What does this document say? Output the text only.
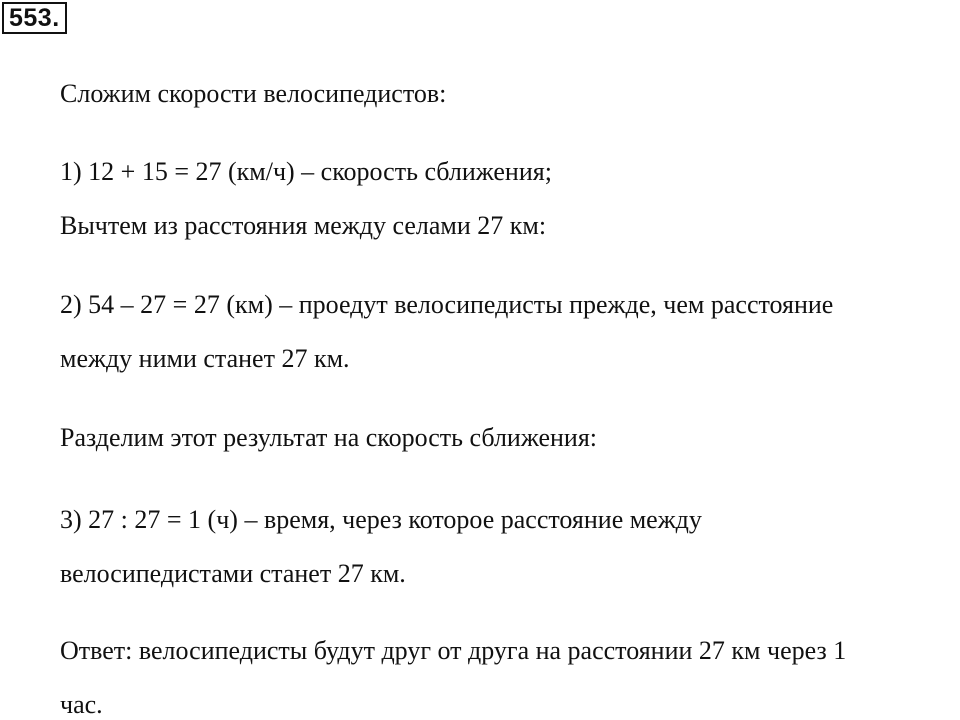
553.
Сложим скорости велосипедистов:
1) 12 + 15 = 27 (км/ч) – скорость сближения;
Вычтем из расстояния между селами 27 км:
2) 54 – 27 = 27 (км) – проедут велосипедисты прежде, чем расстояние
между ними станет 27 км.
Разделим этот результат на скорость сближения:
3) 27 : 27 = 1 (ч) – время, через которое расстояние между
велосипедистами станет 27 км.
Ответ: велосипедисты будут друг от друга на расстоянии 27 км через 1
час.
